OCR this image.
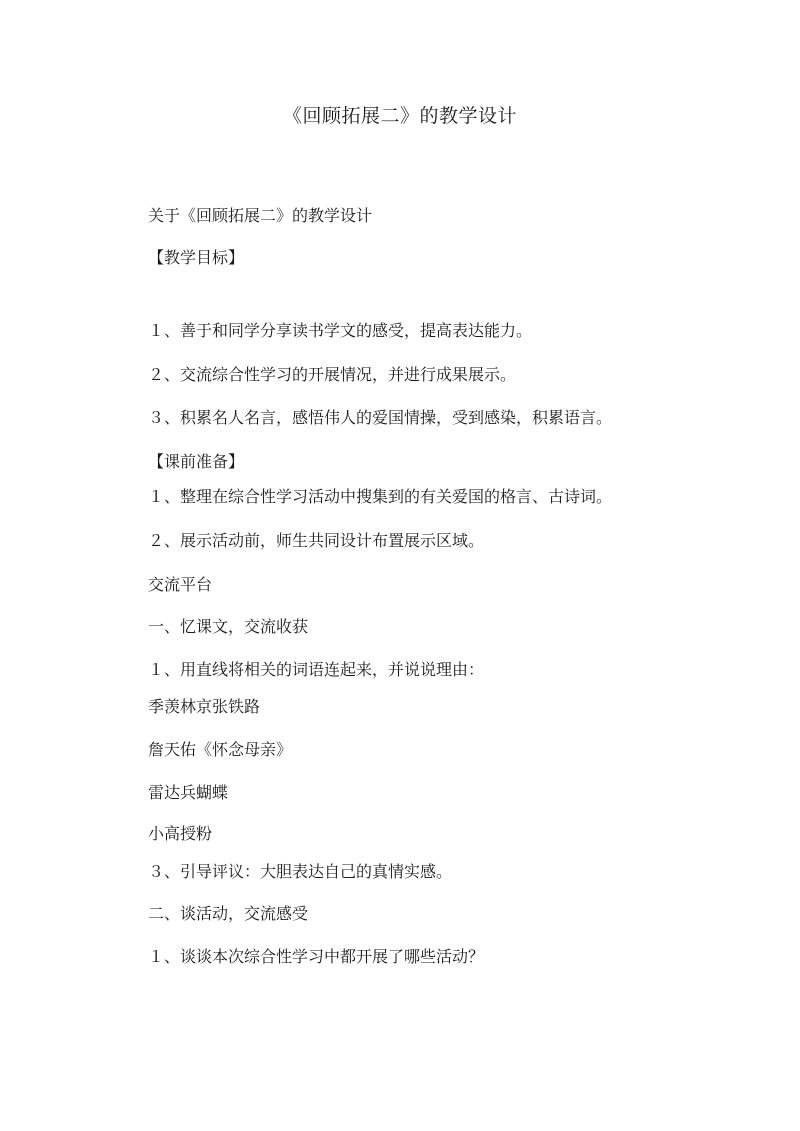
《回顾拓展二》的教学设计
关于《回顾拓展二》的教学设计
【教学目标】
１、善于和同学分享读书学文的感受，提高表达能力。
２、交流综合性学习的开展情况，并进行成果展示。
３、积累名人名言，感悟伟人的爱国情操，受到感染，积累语言。
【课前准备】
１、整理在综合性学习活动中搜集到的有关爱国的格言、古诗词。
２、展示活动前，师生共同设计布置展示区域。
交流平台
一、忆课文，交流收获
１、用直线将相关的词语连起来，并说说理由：
季羡林京张铁路
詹天佑《怀念母亲》
雷达兵蝴蝶
小高授粉
３、引导评议：大胆表达自己的真情实感。
二、谈活动，交流感受
１、谈谈本次综合性学习中都开展了哪些活动？
